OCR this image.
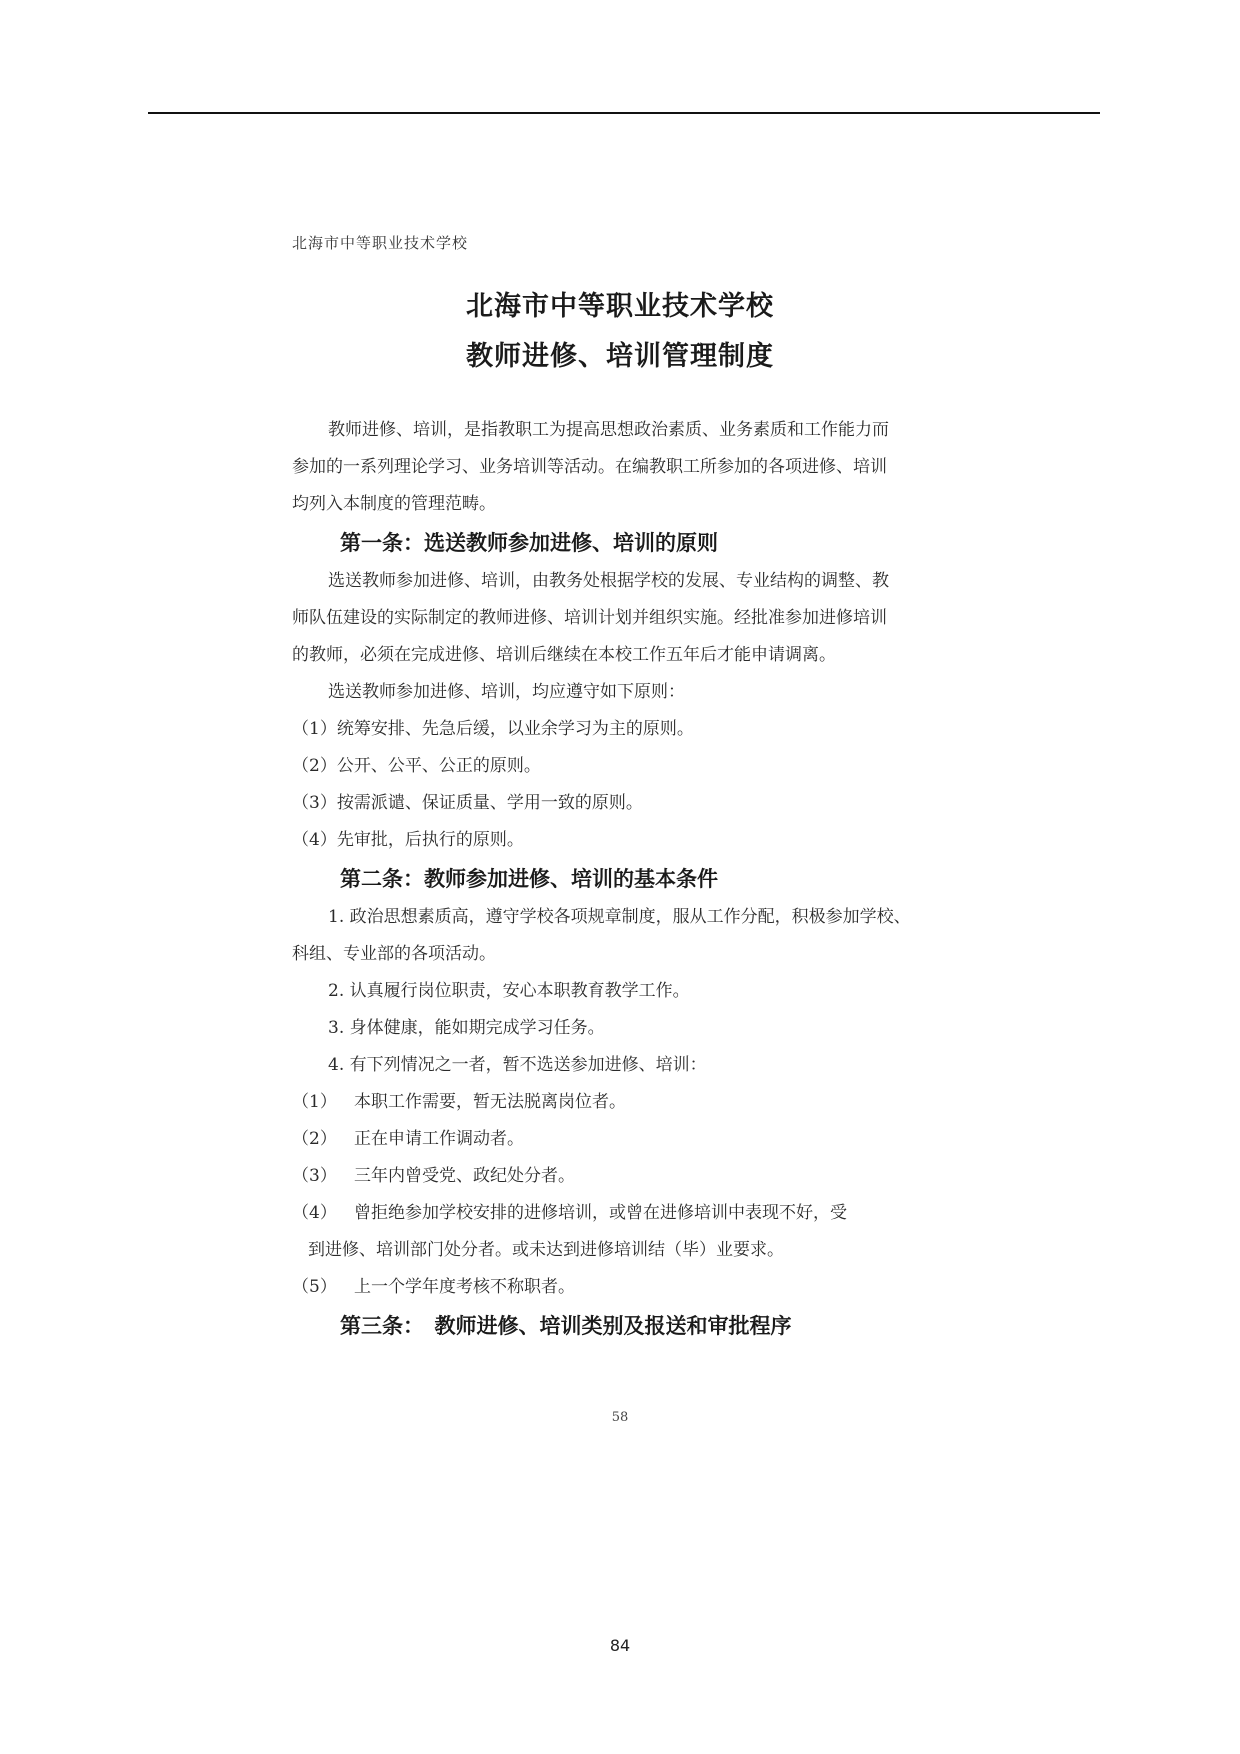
北海市中等职业技术学校
北海市中等职业技术学校
教师进修、培训管理制度

教师进修、培训，是指教职工为提高思想政治素质、业务素质和工作能力而

参加的一系列理论学习、业务培训等活动。在编教职工所参加的各项进修、培训

均列入本制度的管理范畴。

第一条：选送教师参加进修、培训的原则

选送教师参加进修、培训，由教务处根据学校的发展、专业结构的调整、教

师队伍建设的实际制定的教师进修、培训计划并组织实施。经批准参加进修培训

的教师，必须在完成进修、培训后继续在本校工作五年后才能申请调离。

选送教师参加进修、培训，均应遵守如下原则：

（1）统筹安排、先急后缓，以业余学习为主的原则。

（2）公开、公平、公正的原则。

（3）按需派谴、保证质量、学用一致的原则。

（4）先审批，后执行的原则。

第二条：教师参加进修、培训的基本条件

1. 政治思想素质高，遵守学校各项规章制度，服从工作分配，积极参加学校、

科组、专业部的各项活动。

2. 认真履行岗位职责，安心本职教育教学工作。

3. 身体健康，能如期完成学习任务。

4. 有下列情况之一者，暂不选送参加进修、培训：

（1）	本职工作需要，暂无法脱离岗位者。

（2）	正在申请工作调动者。

（3）	三年内曾受党、政纪处分者。

（4）	曾拒绝参加学校安排的进修培训，或曾在进修培训中表现不好，受

到进修、培训部门处分者。或未达到进修培训结（毕）业要求。

（5）	上一个学年度考核不称职者。

第三条：　教师进修、培训类别及报送和审批程序

58
84
